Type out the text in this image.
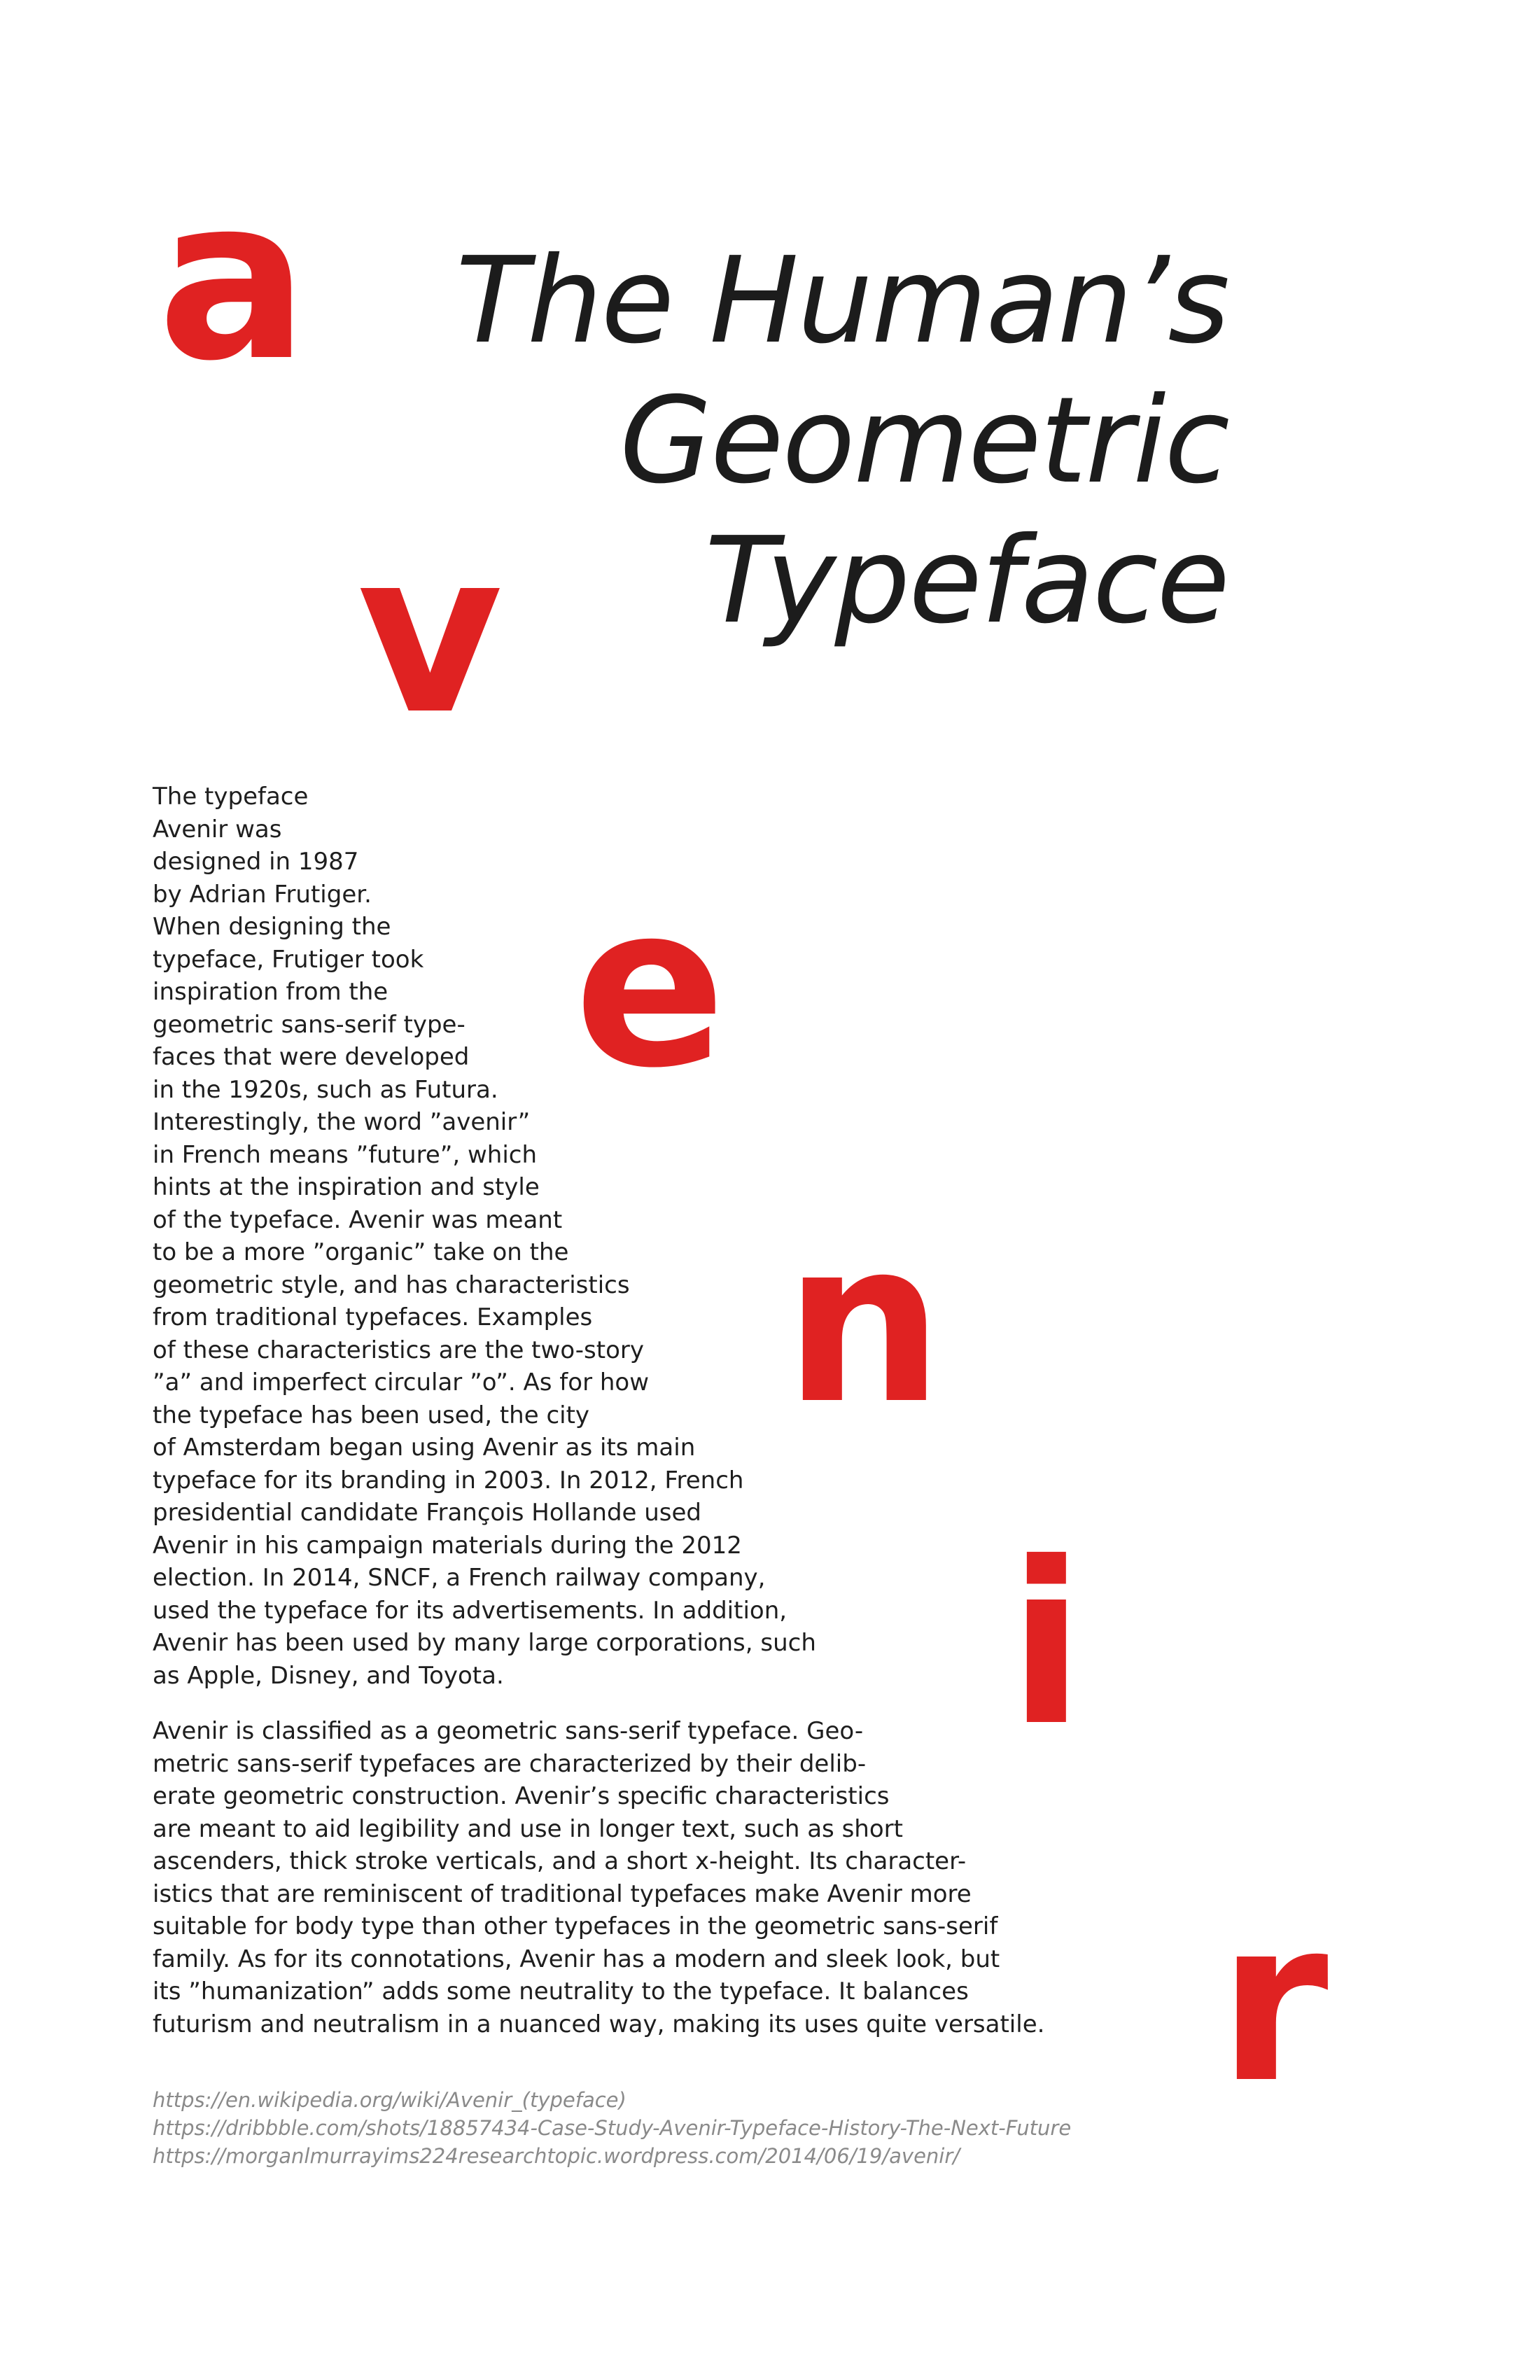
a
v
e
n
i
r
The Human’s
Geometric
Typeface
The typeface
Avenir was
designed in 1987
by Adrian Frutiger.
When designing the
typeface, Frutiger took
inspiration from the
geometric sans-serif type-
faces that were developed
in the 1920s, such as Futura.
Interestingly, the word ”avenir”
in French means ”future”, which
hints at the inspiration and style
of the typeface. Avenir was meant
to be a more ”organic” take on the
geometric style, and has characteristics
from traditional typefaces. Examples
of these characteristics are the two-story
”a” and imperfect circular ”o”. As for how
the typeface has been used, the city
of Amsterdam began using Avenir as its main
typeface for its branding in 2003. In 2012, French
presidential candidate François Hollande used
Avenir in his campaign materials during the 2012
election. In 2014, SNCF, a French railway company,
used the typeface for its advertisements. In addition,
Avenir has been used by many large corporations, such
as Apple, Disney, and Toyota.
Avenir is classified as a geometric sans-serif typeface. Geo-
metric sans-serif typefaces are characterized by their delib-
erate geometric construction. Avenir’s specific characteristics
are meant to aid legibility and use in longer text, such as short
ascenders, thick stroke verticals, and a short x-height. Its character-
istics that are reminiscent of traditional typefaces make Avenir more
suitable for body type than other typefaces in the geometric sans-serif
family. As for its connotations, Avenir has a modern and sleek look, but
its ”humanization” adds some neutrality to the typeface. It balances
futurism and neutralism in a nuanced way, making its uses quite versatile.
https://en.wikipedia.org/wiki/Avenir_(typeface)
https://dribbble.com/shots/18857434-Case-Study-Avenir-Typeface-History-The-Next-Future
https://morganlmurrayims224researchtopic.wordpress.com/2014/06/19/avenir/
